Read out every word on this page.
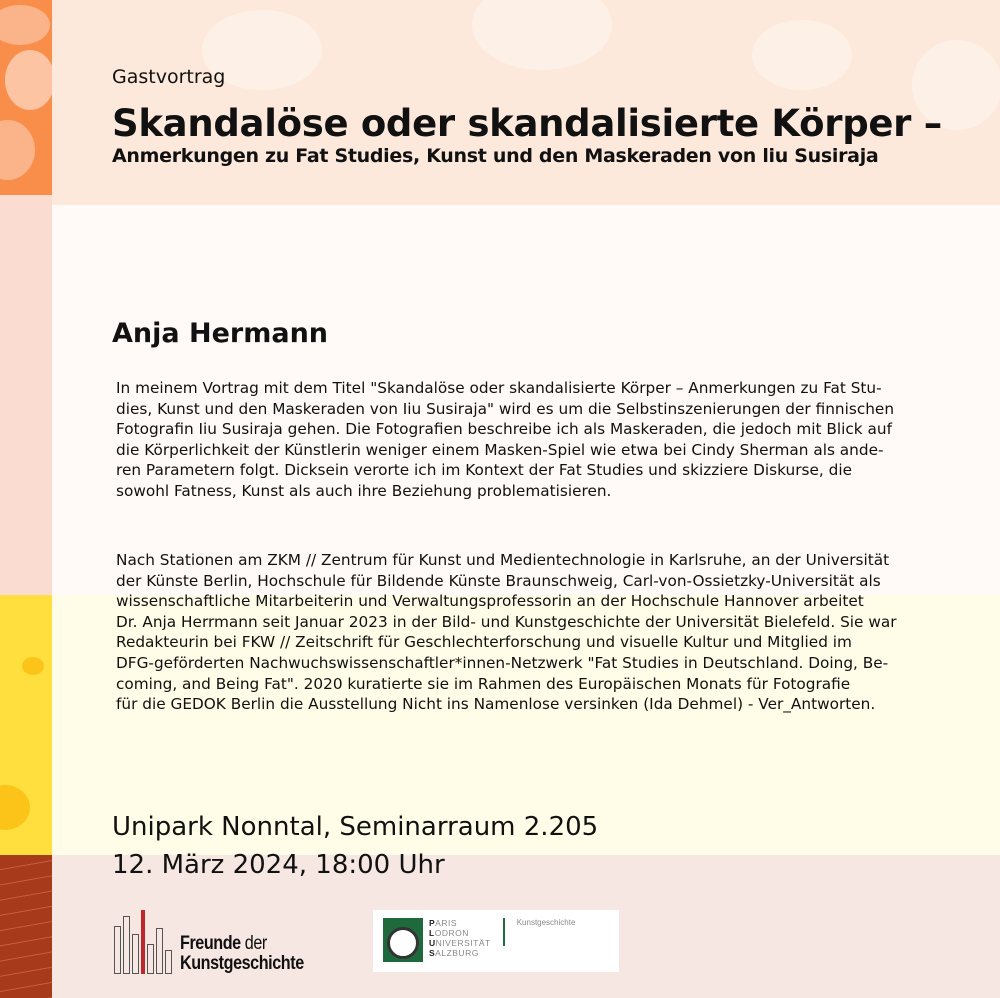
Gastvortrag
Skandalöse oder skandalisierte Körper –
Anmerkungen zu Fat Studies, Kunst und den Maskeraden von liu Susiraja
Anja Hermann
In meinem Vortrag mit dem Titel "Skandalöse oder skandalisierte Körper – Anmerkungen zu Fat Stu-
dies, Kunst und den Maskeraden von Iiu Susiraja" wird es um die Selbstinszenierungen der finnischen
Fotografin Iiu Susiraja gehen. Die Fotografien beschreibe ich als Maskeraden, die jedoch mit Blick auf
die Körperlichkeit der Künstlerin weniger einem Masken-Spiel wie etwa bei Cindy Sherman als ande-
ren Parametern folgt. Dicksein verorte ich im Kontext der Fat Studies und skizziere Diskurse, die
sowohl Fatness, Kunst als auch ihre Beziehung problematisieren.
Nach Stationen am ZKM // Zentrum für Kunst und Medientechnologie in Karlsruhe, an der Universität
der Künste Berlin, Hochschule für Bildende Künste Braunschweig, Carl-von-Ossietzky-Universität als
wissenschaftliche Mitarbeiterin und Verwaltungsprofessorin an der Hochschule Hannover arbeitet
Dr. Anja Herrmann seit Januar 2023 in der Bild- und Kunstgeschichte der Universität Bielefeld. Sie war
Redakteurin bei FKW // Zeitschrift für Geschlechterforschung und visuelle Kultur und Mitglied im
DFG-geförderten Nachwuchswissenschaftler*innen-Netzwerk "Fat Studies in Deutschland. Doing, Be-
coming, and Being Fat". 2020 kuratierte sie im Rahmen des Europäischen Monats für Fotografie
für die GEDOK Berlin die Ausstellung Nicht ins Namenlose versinken (Ida Dehmel) - Ver_Antworten.
Unipark Nonntal, Seminarraum 2.205
12. März 2024, 18:00 Uhr
Freunde der
Kunstgeschichte
PARIS
LODRON
UNIVERSITÄT
SALZBURG
Kunstgeschichte
